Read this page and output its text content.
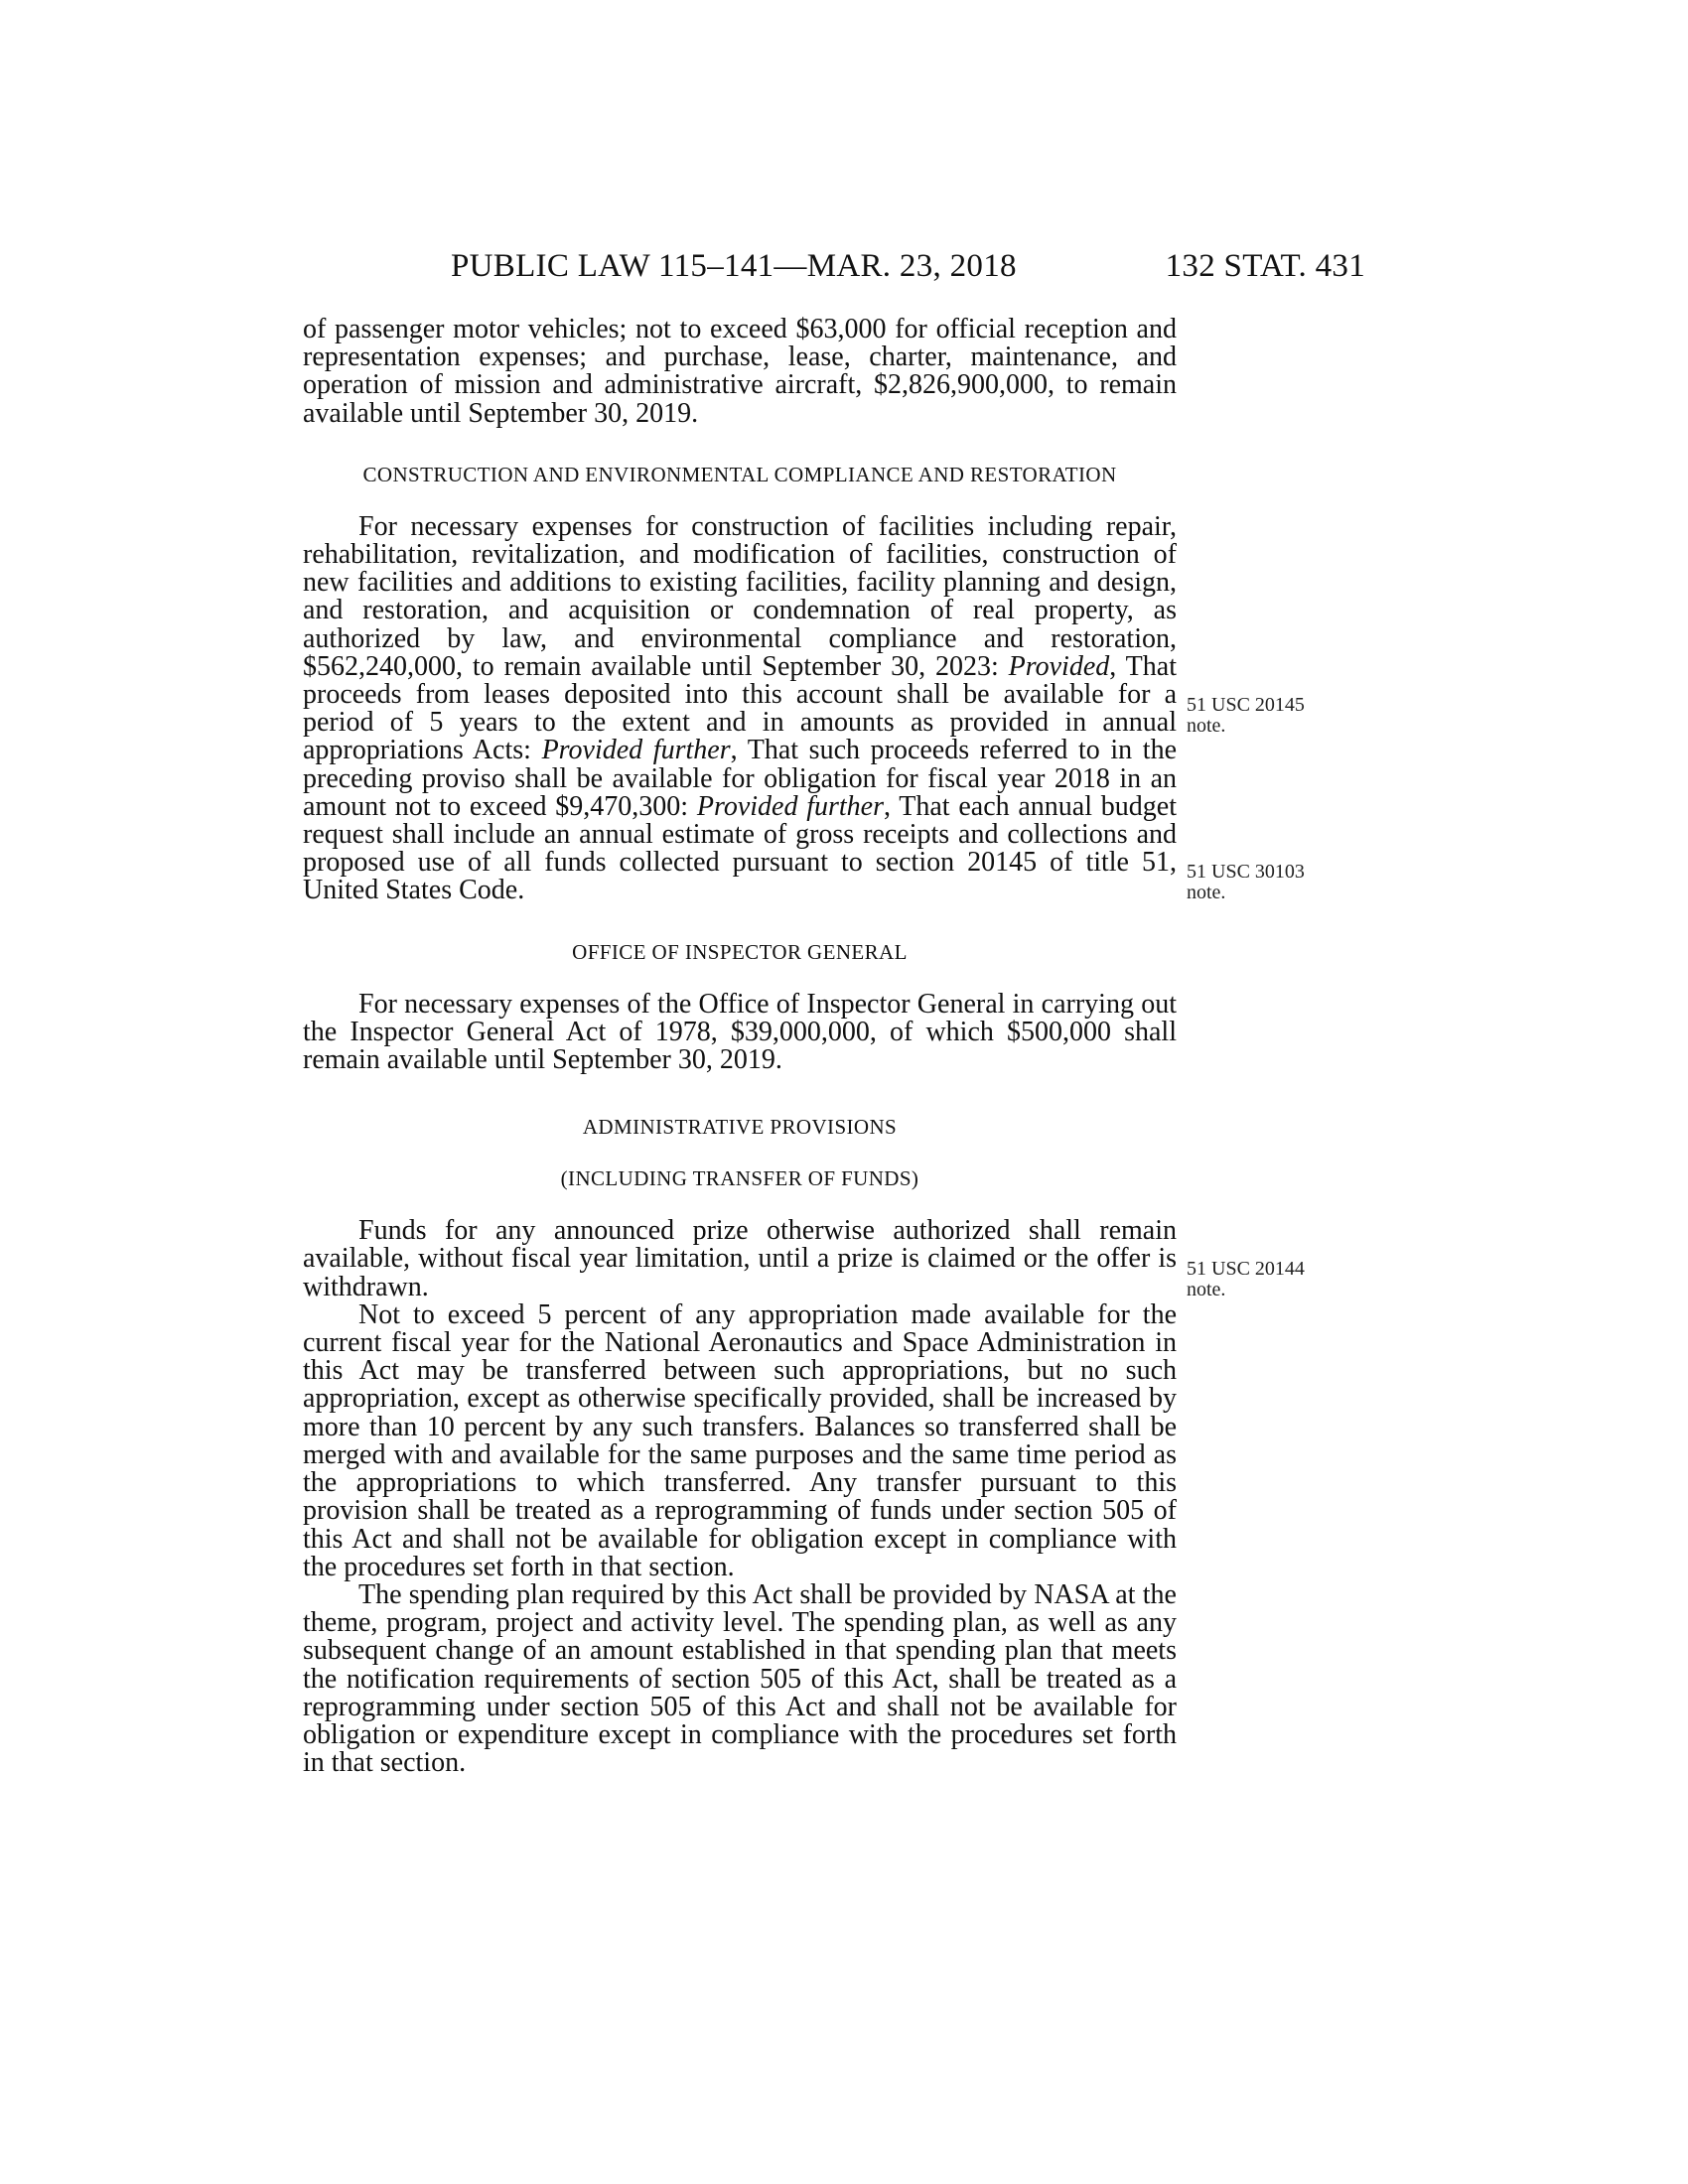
PUBLIC LAW 115–141—MAR. 23, 2018	132 STAT. 431

of passenger motor vehicles; not to exceed $63,000 for official reception and representation expenses; and purchase, lease, charter, maintenance, and operation of mission and administrative aircraft, $2,826,900,000, to remain available until September 30, 2019.

CONSTRUCTION AND ENVIRONMENTAL COMPLIANCE AND RESTORATION

For necessary expenses for construction of facilities including repair, rehabilitation, revitalization, and modification of facilities, construction of new facilities and additions to existing facilities, facility planning and design, and restoration, and acquisition or condemnation of real property, as authorized by law, and environmental compliance and restoration, $562,240,000, to remain available until September 30, 2023: Provided, That proceeds from leases deposited into this account shall be available for a period of 5 years to the extent and in amounts as provided in annual appropriations Acts: Provided further, That such proceeds referred to in the preceding proviso shall be available for obligation for fiscal year 2018 in an amount not to exceed $9,470,300: Provided further, That each annual budget request shall include an annual estimate of gross receipts and collections and proposed use of all funds collected pursuant to section 20145 of title 51, United States Code.

OFFICE OF INSPECTOR GENERAL

For necessary expenses of the Office of Inspector General in carrying out the Inspector General Act of 1978, $39,000,000, of which $500,000 shall remain available until September 30, 2019.

ADMINISTRATIVE PROVISIONS

(INCLUDING TRANSFER OF FUNDS)

Funds for any announced prize otherwise authorized shall remain available, without fiscal year limitation, until a prize is claimed or the offer is withdrawn.

Not to exceed 5 percent of any appropriation made available for the current fiscal year for the National Aeronautics and Space Administration in this Act may be transferred between such appropriations, but no such appropriation, except as otherwise specifically provided, shall be increased by more than 10 percent by any such transfers. Balances so transferred shall be merged with and available for the same purposes and the same time period as the appropriations to which transferred. Any transfer pursuant to this provision shall be treated as a reprogramming of funds under section 505 of this Act and shall not be available for obligation except in compliance with the procedures set forth in that section.

The spending plan required by this Act shall be provided by NASA at the theme, program, project and activity level. The spending plan, as well as any subsequent change of an amount established in that spending plan that meets the notification requirements of section 505 of this Act, shall be treated as a reprogramming under section 505 of this Act and shall not be available for obligation or expenditure except in compliance with the procedures set forth in that section.

51 USC 20145
note.
51 USC 30103
note.
51 USC 20144
note.
